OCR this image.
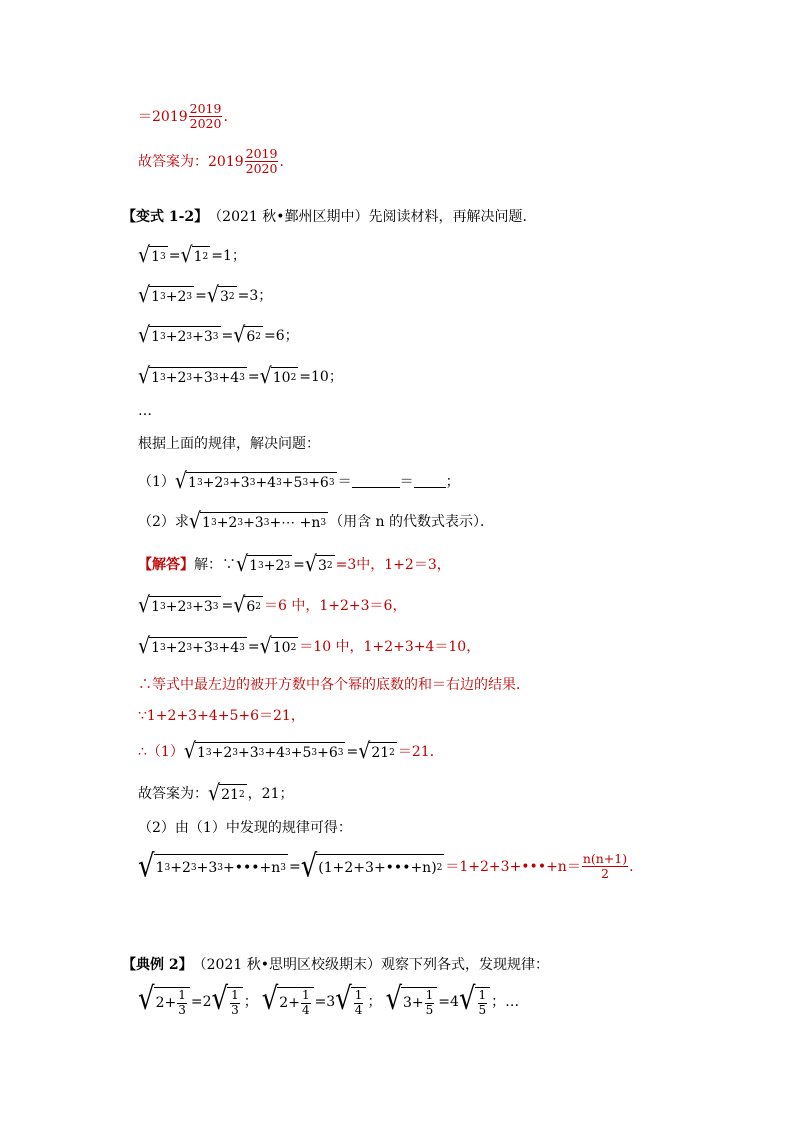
$=2019 \frac{2019}{2020}$ ．
故答案为： $2019 \frac{2019}{2020}$ ．
【变式 1-2】 （2021 秋•鄞州区期中）先阅读材料，再解决问题．
√ 1 3 = √ 1 2 =1；
√ 1 3 +2 3 = √ 3 2 =3；
√ 1 3 +2 3 +3 3 = √ 6 2 =6；
√ 1 3 +2 3 +3 3 +4 3 = √ 10 2 =10；
…
根据上面的规律，解决问题：
（1） √ 1 3 +2 3 +3 3 +4 3 +5 3 +6 3 ＝	＝ ；
（2）求 √ 1 3 +2 3 +3 3 +⋯ +n 3 （用含 n 的代数式表示）．
【解答】 解：∵ √ 1 3 +2 3 = √ 3 2 =3中，1+2＝3，
√ 1 3 +2 3 +3 3 = √ 6 2 ＝6 中，1+2+3＝6，
√ 1 3 +2 3 +3 3 +4 3 = √ 10 2 ＝10 中，1+2+3+4＝10，
∴等式中最左边的被开方数中各个幂的底数的和＝右边的结果．
∵1+2+3+4+5+6＝21，
∴（1） √ 1 3 +2 3 +3 3 +4 3 +5 3 +6 3 = √ 21 2 ＝21．
故答案为： √ 21 2 ，21；
（2）由（1）中发现的规律可得：
√ 1 3 +2 3 +3 3 +•••+n 3 = √ (1+2+3+•••+n) 2 ＝1+2+3+•••+n＝ $\frac{n(n+1)}{2}$ ．
【典例 2】 （2021 秋•思明区校级期末）观察下列各式，发现规律：
√ $2+ \frac{1}{3} =2$ √ $\frac{1}{3}$ ； √ $2+ \frac{1}{4} =3$ √ $\frac{1}{4}$ ； √ $3+ \frac{1}{5} =4$ √ $\frac{1}{5}$ ； …
